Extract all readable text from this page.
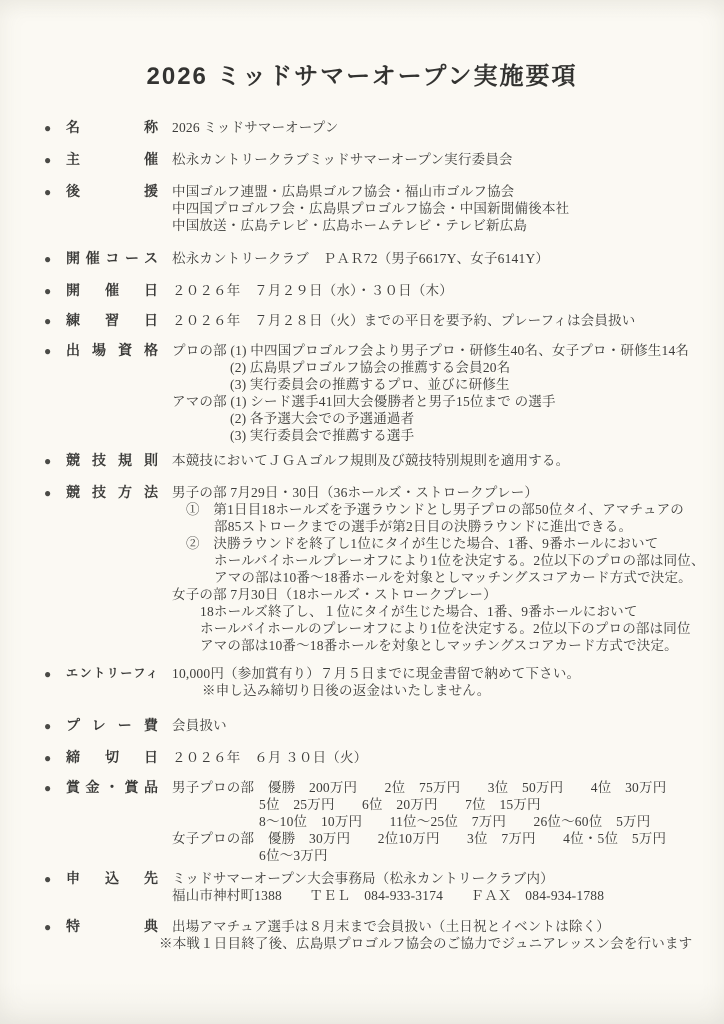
2026 ミッドサマーオープン実施要項
●	名称 2026 ミッドサマーオープン
●	主催 松永カントリークラブミッドサマーオープン実行委員会
●	後援 中国ゴルフ連盟・広島県ゴルフ協会・福山市ゴルフ協会
中四国プロゴルフ会・広島県プロゴルフ協会・中国新聞備後本社
中国放送・広島テレビ・広島ホームテレビ・テレビ新広島
●	開催コース 松永カントリークラブ　ＰＡＲ72（男子6617Y、女子6141Y）
●	開催日 ２０２６年　７月２９日（水）・３０日（木）
●	練習日 ２０２６年　７月２８日（火）までの平日を要予約、プレーフィは会員扱い
●	出場資格 プロの部 (1) 中四国プロゴルフ会より男子プロ・研修生40名、女子プロ・研修生14名
(2) 広島県プロゴルフ協会の推薦する会員20名
(3) 実行委員会の推薦するプロ、並びに研修生
アマの部 (1) シード選手41回大会優勝者と男子15位まで の選手
(2) 各予選大会での予選通過者
(3) 実行委員会で推薦する選手
●	競技規則 本競技においてＪＧＡゴルフ規則及び競技特別規則を適用する。
●	競技方法 男子の部 7月29日・30日（36ホールズ・ストロークプレー）
①　第1日目18ホールズを予選ラウンドとし男子プロの部50位タイ、アマチュアの
部85ストロークまでの選手が第2日目の決勝ラウンドに進出できる。
②　決勝ラウンドを終了し1位にタイが生じた場合、1番、9番ホールにおいて
ホールバイホールプレーオフにより1位を決定する。2位以下のプロの部は同位、
アマの部は10番～18番ホールを対象としマッチングスコアカード方式で決定。
女子の部 7月30日（18ホールズ・ストロークプレー）
18ホールズ終了し、１位にタイが生じた場合、1番、9番ホールにおいて
ホールバイホールのプレーオフにより1位を決定する。2位以下のプロの部は同位
アマの部は10番～18番ホールを対象としマッチングスコアカード方式で決定。
●	エントリーフィ 10,000円（参加賞有り）７月５日までに現金書留で納めて下さい。
※申し込み締切り日後の返金はいたしません。
●	プレー費 会員扱い
●	締切日 ２０２６年　６月 ３０日（火）
●	賞金・賞品 男子プロの部　優勝　200万円　　2位　75万円　　3位　50万円　　4位　30万円
5位　25万円　　6位　20万円　　7位　15万円
8～10位　10万円　　11位～25位　7万円　　26位～60位　5万円
女子プロの部　優勝　30万円　　2位10万円　　3位　7万円　　4位・5位　5万円
6位～3万円
●	申込先 ミッドサマーオープン大会事務局（松永カントリークラブ内）
福山市神村町1388　　ＴＥＬ　084-933-3174　　ＦＡＸ　084-934-1788
●	特典 出場アマチュア選手は８月末まで会員扱い（土日祝とイベントは除く）
※本戦１日目終了後、広島県プロゴルフ協会のご協力でジュニアレッスン会を行います
